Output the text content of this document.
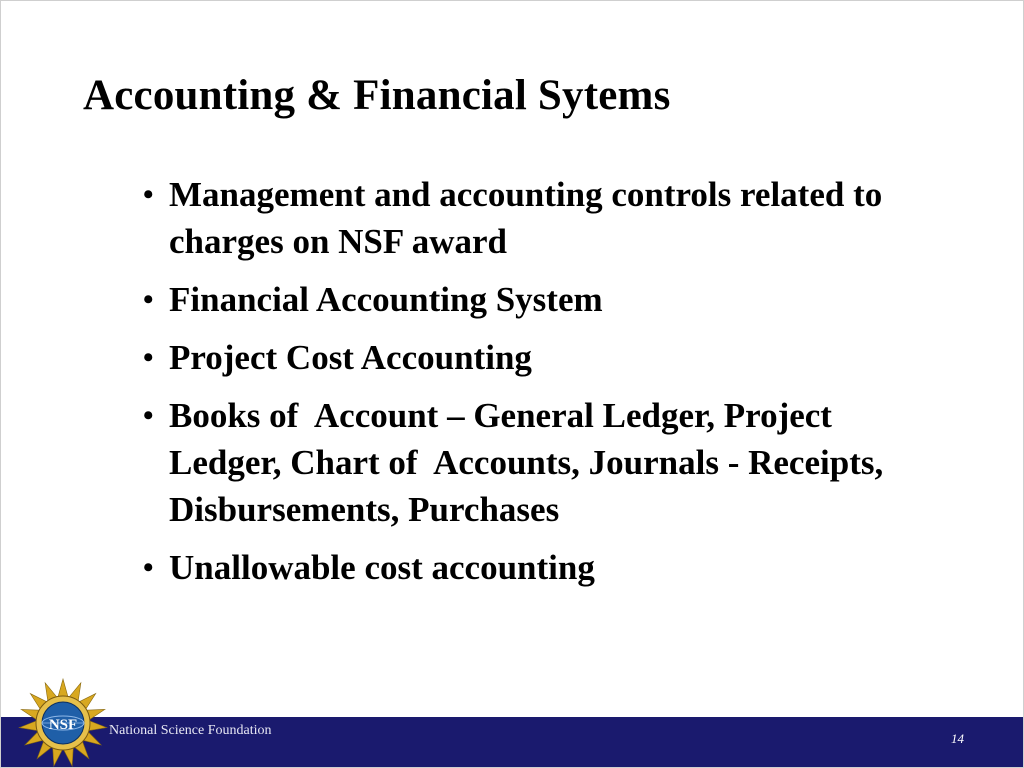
Accounting & Financial Sytems
• Management and accounting controls related to charges on NSF award
• Financial Accounting System
• Project Cost Accounting
• Books of  Account – General Ledger, Project Ledger, Chart of  Accounts, Journals - Receipts, Disbursements, Purchases
• Unallowable cost accounting
NSF National Science Foundation
14
